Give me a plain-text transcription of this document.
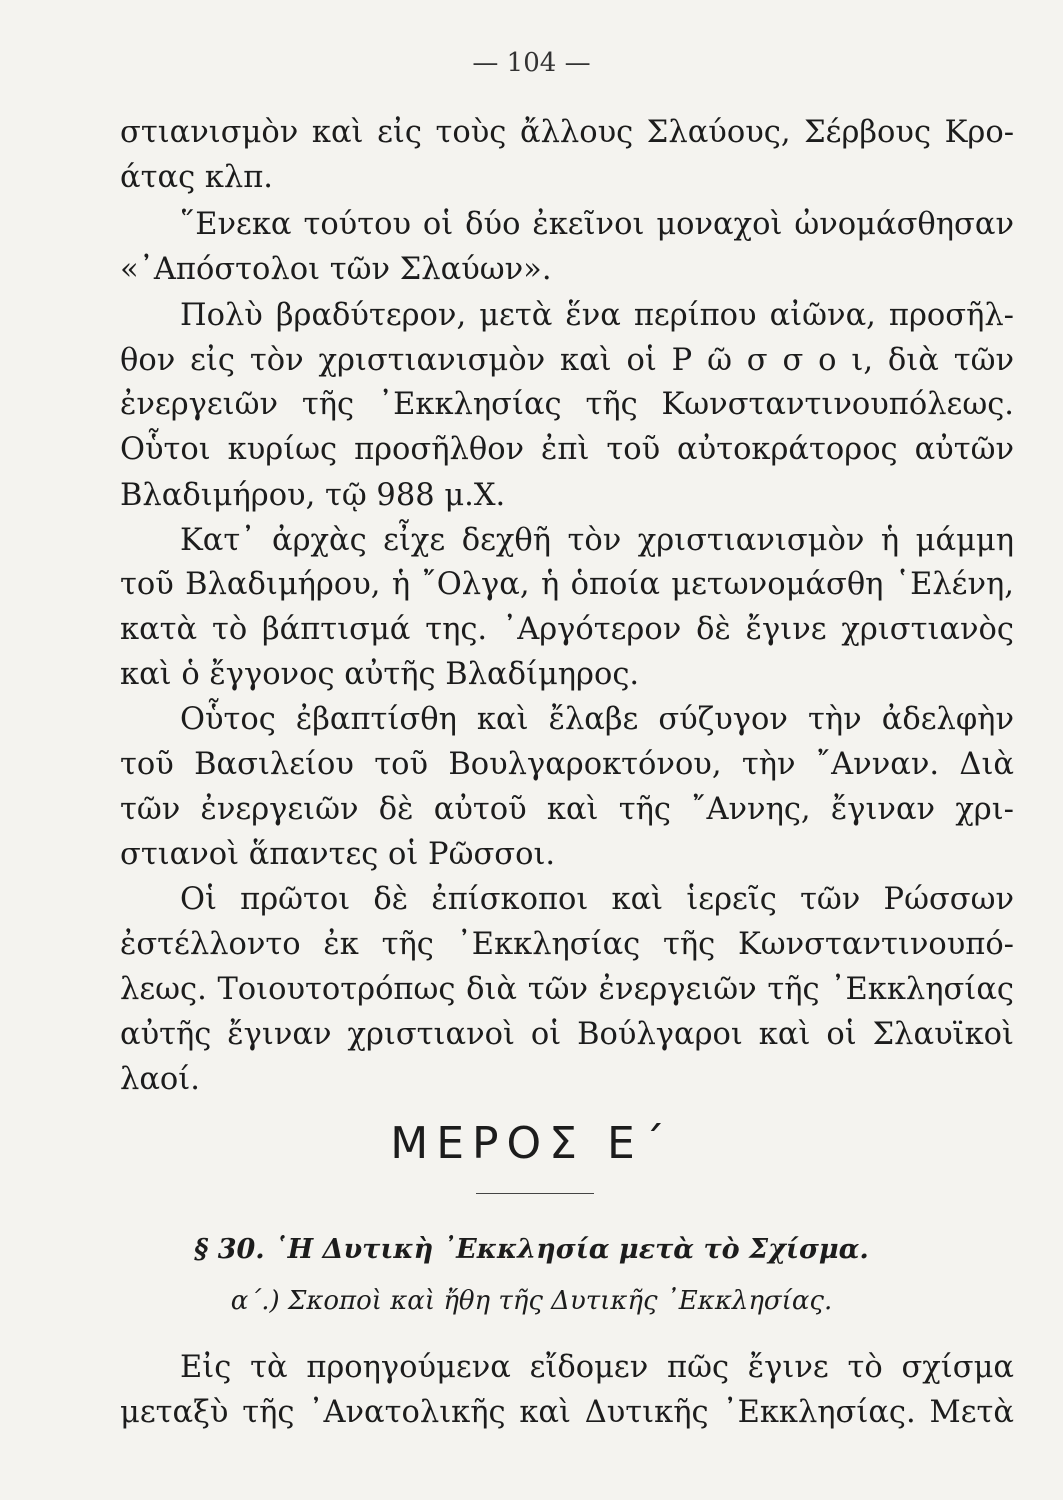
— 104 —
στιανισμὸν καὶ εἰς τοὺς ἄλλους Σλαύους, Σέρβους Κρο-
άτας κλπ.
῞Ενεκα τούτου οἱ δύο ἐκεῖνοι μοναχοὶ ὠνομάσθησαν
«᾿Απόστολοι τῶν Σλαύων».
Πολὺ βραδύτερον, μετὰ ἕνα περίπου αἰῶνα, προσῆλ-
θον εἰς τὸν χριστιανισμὸν καὶ οἱ Ρ ῶ σ σ ο ι, διὰ τῶν
ἐνεργειῶν τῆς ᾿Εκκλησίας τῆς Κωνσταντινουπόλεως.
Οὗτοι κυρίως προσῆλθον ἐπὶ τοῦ αὐτοκράτορος αὐτῶν
Βλαδιμήρου, τῷ 988 μ.Χ.
Κατ᾿ ἀρχὰς εἶχε δεχθῆ τὸν χριστιανισμὸν ἡ μάμμη
τοῦ Βλαδιμήρου, ἡ ῎Ολγα, ἡ ὁποία μετωνομάσθη ῾Ελένη,
κατὰ τὸ βάπτισμά της. ᾿Αργότερον δὲ ἔγινε χριστιανὸς
καὶ ὁ ἔγγονος αὐτῆς Βλαδίμηρος.
Οὗτος ἐβαπτίσθη καὶ ἔλαβε σύζυγον τὴν ἀδελφὴν
τοῦ Βασιλείου τοῦ Βουλγαροκτόνου, τὴν ῎Ανναν. Διὰ
τῶν ἐνεργειῶν δὲ αὐτοῦ καὶ τῆς ῎Αννης, ἔγιναν χρι-
στιανοὶ ἅπαντες οἱ Ρῶσσοι.
Οἱ πρῶτοι δὲ ἐπίσκοποι καὶ ἱερεῖς τῶν Ρώσσων
ἐστέλλοντο ἐκ τῆς ᾿Εκκλησίας τῆς Κωνσταντινουπό-
λεως. Τοιουτοτρόπως διὰ τῶν ἐνεργειῶν τῆς ᾿Εκκλησίας
αὐτῆς ἔγιναν χριστιανοὶ οἱ Βούλγαροι καὶ οἱ Σλαυϊκοὶ
λαοί.
ΜΕΡΟΣ Ε΄
§ 30. ῾Η Δυτικὴ ᾿Εκκλησία μετὰ τὸ Σχίσμα.
α΄.) Σκοποὶ καὶ ἤθη τῆς Δυτικῆς ᾿Εκκλησίας.
Εἰς τὰ προηγούμενα εἴδομεν πῶς ἔγινε τὸ σχίσμα
μεταξὺ τῆς ᾿Ανατολικῆς καὶ Δυτικῆς ᾿Εκκλησίας. Μετὰ
